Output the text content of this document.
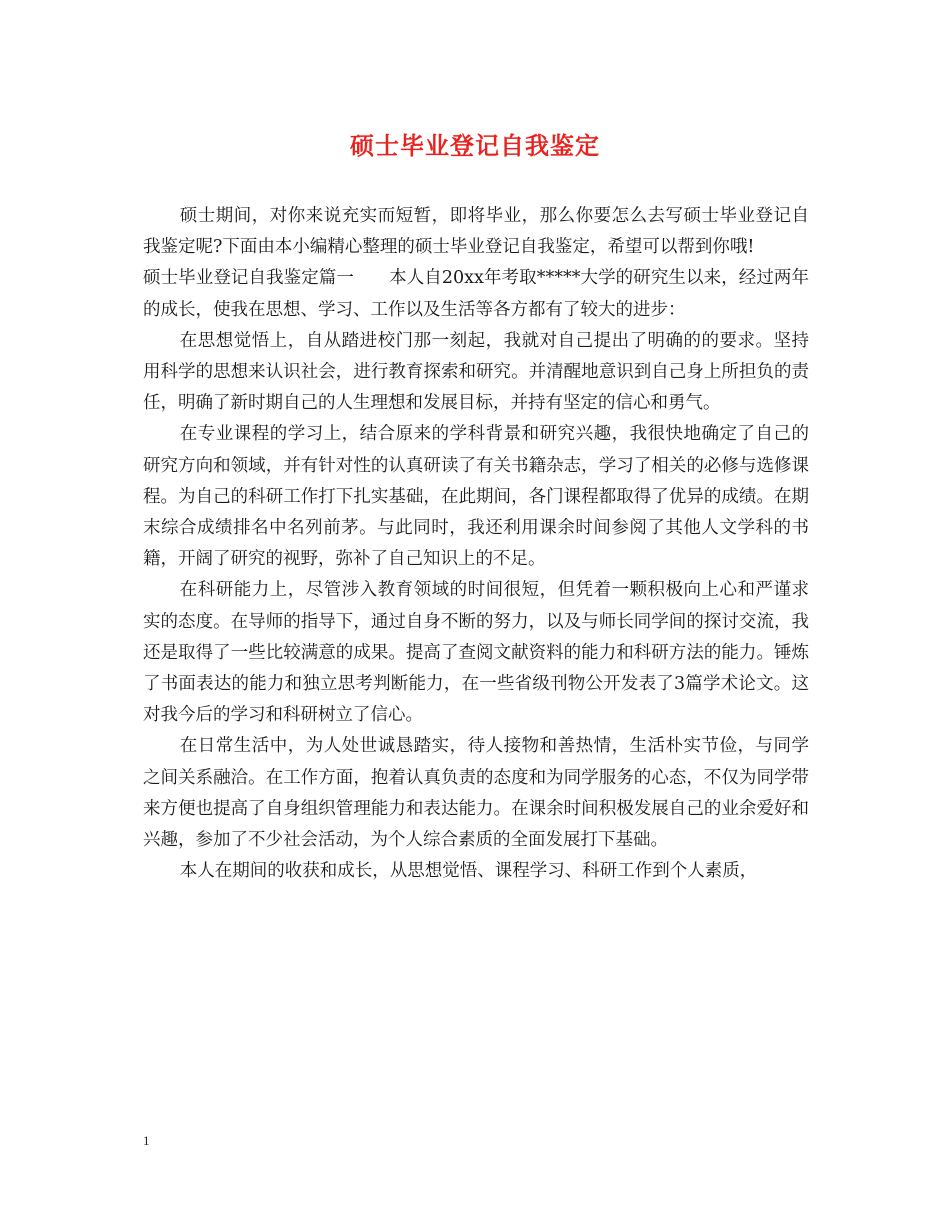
硕士毕业登记自我鉴定

硕士期间，对你来说充实而短暂，即将毕业，那么你要怎么去写硕士毕业登记自我鉴定呢?下面由本小编精心整理的硕士毕业登记自我鉴定，希望可以帮到你哦!

硕士毕业登记自我鉴定篇一　　本人自20xx年考取*****大学的研究生以来，经过两年的成长，使我在思想、学习、工作以及生活等各方都有了较大的进步：

在思想觉悟上，自从踏进校门那一刻起，我就对自己提出了明确的的要求。坚持用科学的思想来认识社会，进行教育探索和研究。并清醒地意识到自己身上所担负的责任，明确了新时期自己的人生理想和发展目标，并持有坚定的信心和勇气。

在专业课程的学习上，结合原来的学科背景和研究兴趣，我很快地确定了自己的研究方向和领域，并有针对性的认真研读了有关书籍杂志，学习了相关的必修与选修课程。为自己的科研工作打下扎实基础，在此期间，各门课程都取得了优异的成绩。在期末综合成绩排名中名列前茅。与此同时，我还利用课余时间参阅了其他人文学科的书籍，开阔了研究的视野，弥补了自己知识上的不足。

在科研能力上，尽管涉入教育领域的时间很短，但凭着一颗积极向上心和严谨求实的态度。在导师的指导下，通过自身不断的努力，以及与师长同学间的探讨交流，我还是取得了一些比较满意的成果。提高了查阅文献资料的能力和科研方法的能力。锤炼了书面表达的能力和独立思考判断能力，在一些省级刊物公开发表了3篇学术论文。这对我今后的学习和科研树立了信心。

在日常生活中，为人处世诚恳踏实，待人接物和善热情，生活朴实节俭，与同学之间关系融洽。在工作方面，抱着认真负责的态度和为同学服务的心态，不仅为同学带来方便也提高了自身组织管理能力和表达能力。在课余时间积极发展自己的业余爱好和兴趣，参加了不少社会活动，为个人综合素质的全面发展打下基础。

本人在期间的收获和成长，从思想觉悟、课程学习、科研工作到个人素质，

1
